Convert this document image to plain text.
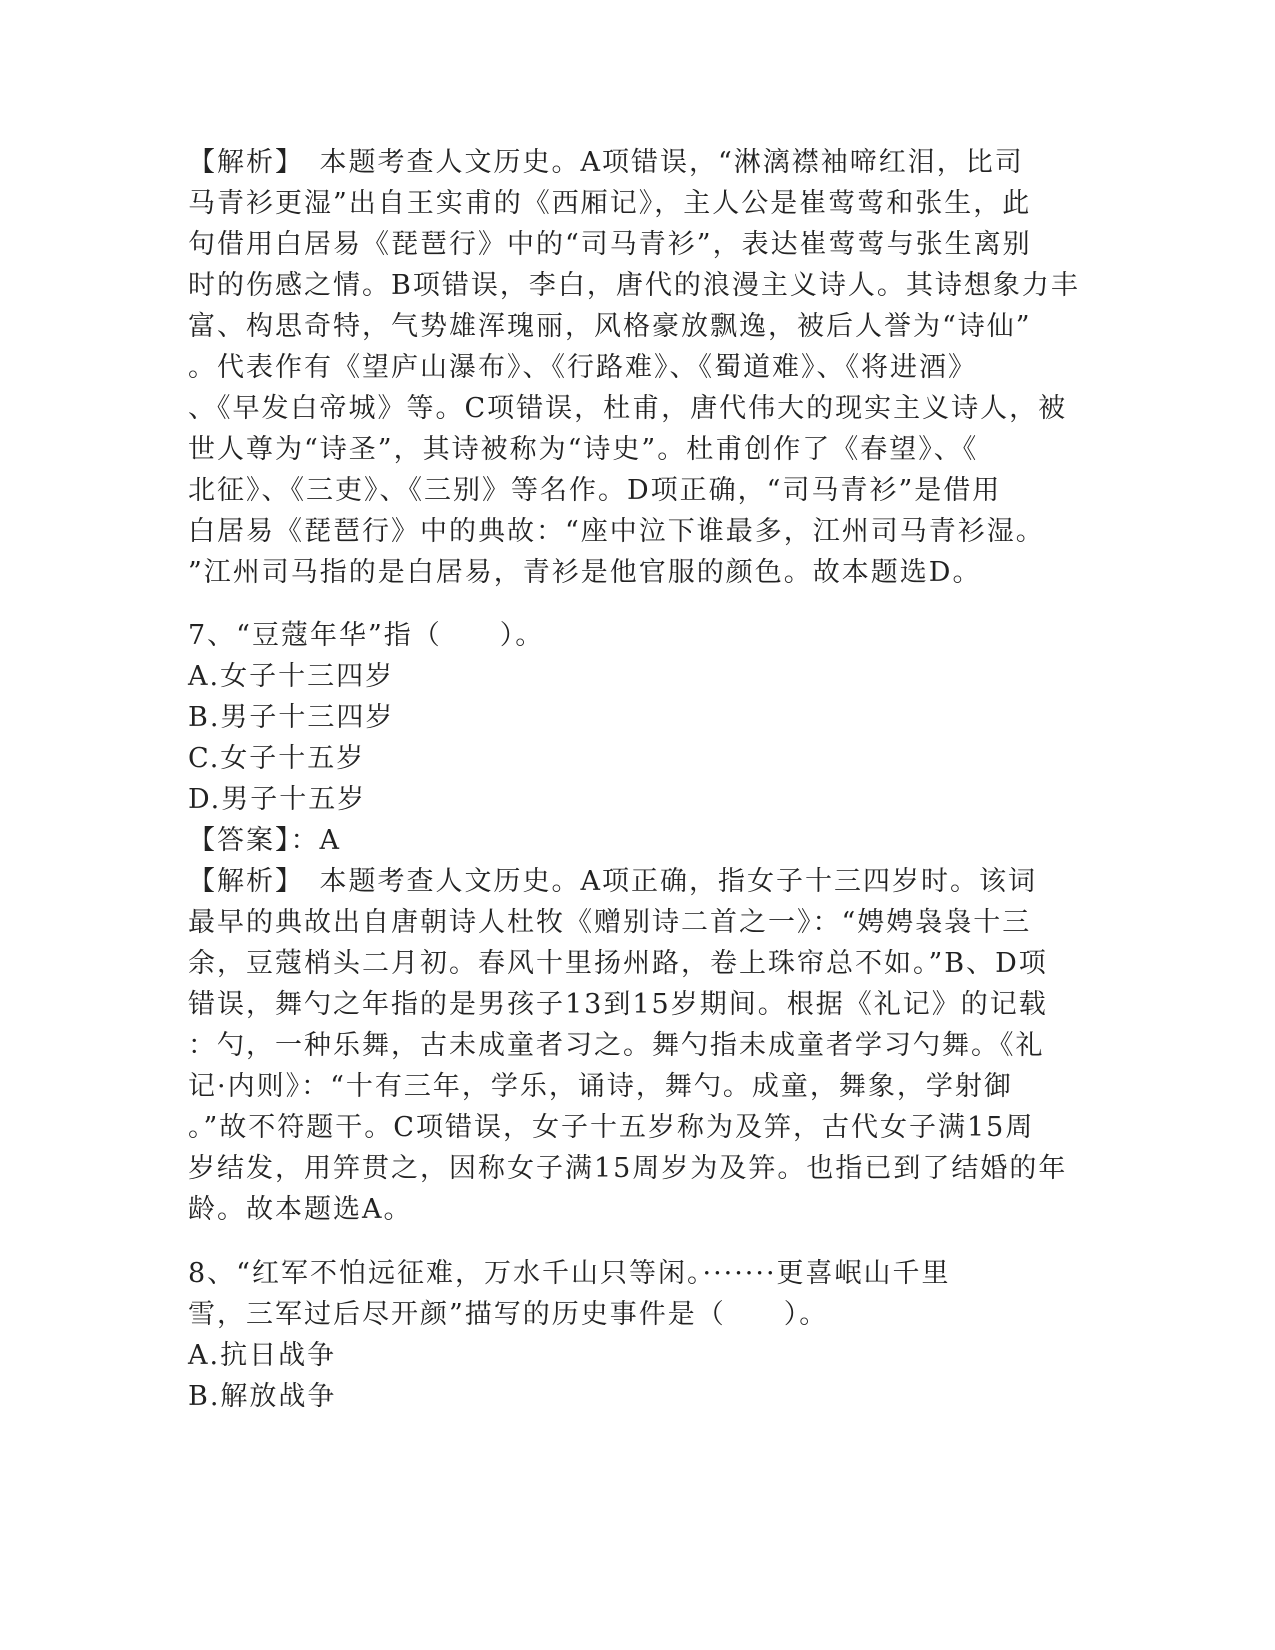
【解析】　本题考查人文历史。A项错误，“淋漓襟袖啼红泪，比司
马青衫更湿”出自王实甫的《西厢记》，主人公是崔莺莺和张生，此
句借用白居易《琵琶行》中的“司马青衫”，表达崔莺莺与张生离别
时的伤感之情。B项错误，李白，唐代的浪漫主义诗人。其诗想象力丰
富、构思奇特，气势雄浑瑰丽，风格豪放飘逸，被后人誉为“诗仙”
。代表作有《望庐山瀑布》、《行路难》、《蜀道难》、《将进酒》
、《早发白帝城》等。C项错误，杜甫，唐代伟大的现实主义诗人，被
世人尊为“诗圣”，其诗被称为“诗史”。杜甫创作了《春望》、《
北征》、《三吏》、《三别》等名作。D项正确，“司马青衫”是借用
白居易《琵琶行》中的典故：“座中泣下谁最多，江州司马青衫湿。
”江州司马指的是白居易，青衫是他官服的颜色。故本题选D。
7、“豆蔻年华”指（　　）。
A.女子十三四岁
B.男子十三四岁
C.女子十五岁
D.男子十五岁
【答案】：A
【解析】　本题考查人文历史。A项正确，指女子十三四岁时。该词
最早的典故出自唐朝诗人杜牧《赠别诗二首之一》：“娉娉袅袅十三
余，豆蔻梢头二月初。春风十里扬州路，卷上珠帘总不如。”B、D项
错误，舞勺之年指的是男孩子13到15岁期间。根据《礼记》的记载
：勺，一种乐舞，古未成童者习之。舞勺指未成童者学习勺舞。《礼
记·内则》：“十有三年，学乐，诵诗，舞勺。成童，舞象，学射御
。”故不符题干。C项错误，女子十五岁称为及笄，古代女子满15周
岁结发，用笄贯之，因称女子满15周岁为及笄。也指已到了结婚的年
龄。故本题选A。
8、“红军不怕远征难，万水千山只等闲。·······更喜岷山千里
雪，三军过后尽开颜”描写的历史事件是（　　）。
A.抗日战争
B.解放战争
